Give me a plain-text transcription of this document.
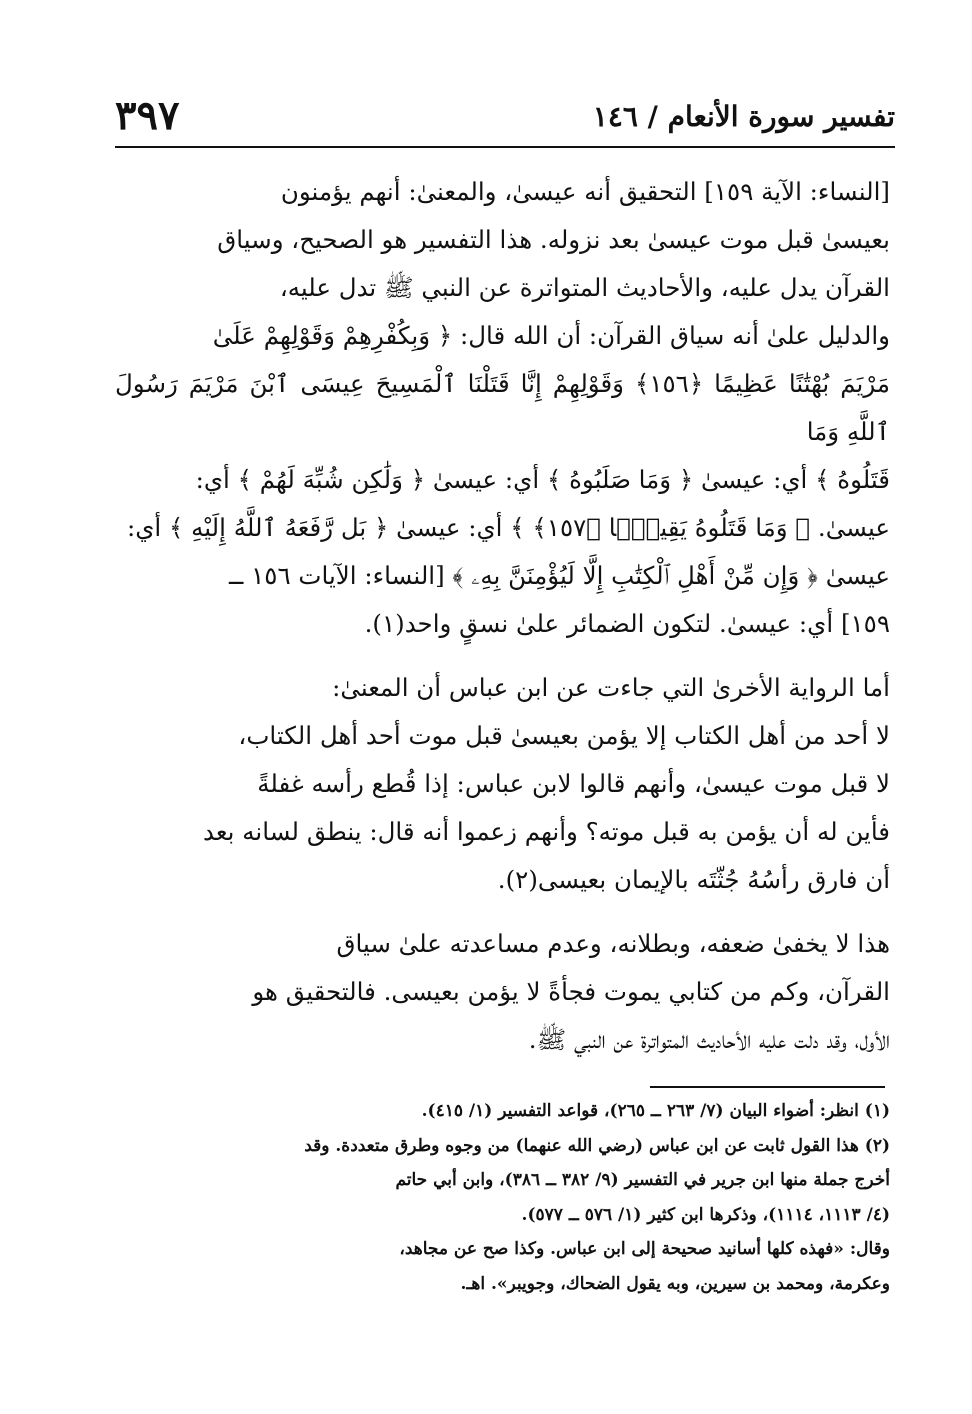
تفسير سورة الأنعام / ١٤٦
٣٩٧

[النساء: الآية ١٥٩] التحقيق أنه عيسىٰ، والمعنىٰ: أنهم يؤمنون
بعيسىٰ قبل موت عيسىٰ بعد نزوله. هذا التفسير هو الصحيح، وسياق
القرآن يدل عليه، والأحاديث المتواترة عن النبي ﷺ تدل عليه،
والدليل علىٰ أنه سياق القرآن: أن الله قال: ﴿ وَبِكُفْرِهِمْ وَقَوْلِهِمْ عَلَىٰ
مَرْيَمَ بُهْتَٰنًا عَظِيمًا ﴿١٥٦﴾ وَقَوْلِهِمْ إِنَّا قَتَلْنَا ٱلْمَسِيحَ عِيسَى ٱبْنَ مَرْيَمَ رَسُولَ ٱللَّهِ وَمَا
قَتَلُوهُ ﴾ أي: عيسىٰ ﴿ وَمَا صَلَبُوهُ ﴾ أي: عيسىٰ ﴿ وَلَٰكِن شُبِّهَ لَهُمْ ﴾ أي:
عيسىٰ. ﴿ وَمَا قَتَلُوهُ يَقِينًۢا ﴿١٥٧﴾ ﴾ أي: عيسىٰ ﴿ بَل رَّفَعَهُ ٱللَّهُ إِلَيْهِ ﴾ أي:
عيسىٰ ﴿ وَإِن مِّنْ أَهْلِ ٱلْكِتَٰبِ إِلَّا لَيُؤْمِنَنَّ بِهِۦ ﴾ [النساء: الآيات ١٥٦ ــ
١٥٩] أي: عيسىٰ. لتكون الضمائر علىٰ نسقٍ واحد(١).

أما الرواية الأخرىٰ التي جاءت عن ابن عباس أن المعنىٰ:
لا أحد من أهل الكتاب إلا يؤمن بعيسىٰ قبل موت أحد أهل الكتاب،
لا قبل موت عيسىٰ، وأنهم قالوا لابن عباس: إذا قُطع رأسه غفلةً
فأين له أن يؤمن به قبل موته؟ وأنهم زعموا أنه قال: ينطق لسانه بعد
أن فارق رأسُهُ جُثّتَه بالإيمان بعيسى(٢).

هذا لا يخفىٰ ضعفه، وبطلانه، وعدم مساعدته علىٰ سياق
القرآن، وكم من كتابي يموت فجأةً لا يؤمن بعيسى. فالتحقيق هو
الأول، وقد دلت عليه الأحاديث المتواترة عن النبي ﷺ.

(١) انظر: أضواء البيان (٧/ ٢٦٣ ــ ٢٦٥)، قواعد التفسير (١/ ٤١٥).

(٢) هذا القول ثابت عن ابن عباس (رضي الله عنهما) من وجوه وطرق متعددة. وقد
أخرج جملة منها ابن جرير في التفسير (٩/ ٣٨٢ ــ ٣٨٦)، وابن أبي حاتم
(٤/ ١١١٣، ١١١٤)، وذكرها ابن كثير (١/ ٥٧٦ ــ ٥٧٧).

وقال: «فهذه كلها أسانيد صحيحة إلى ابن عباس. وكذا صح عن مجاهد،
وعكرمة، ومحمد بن سيرين، وبه يقول الضحاك، وجويبر». اهـ.
